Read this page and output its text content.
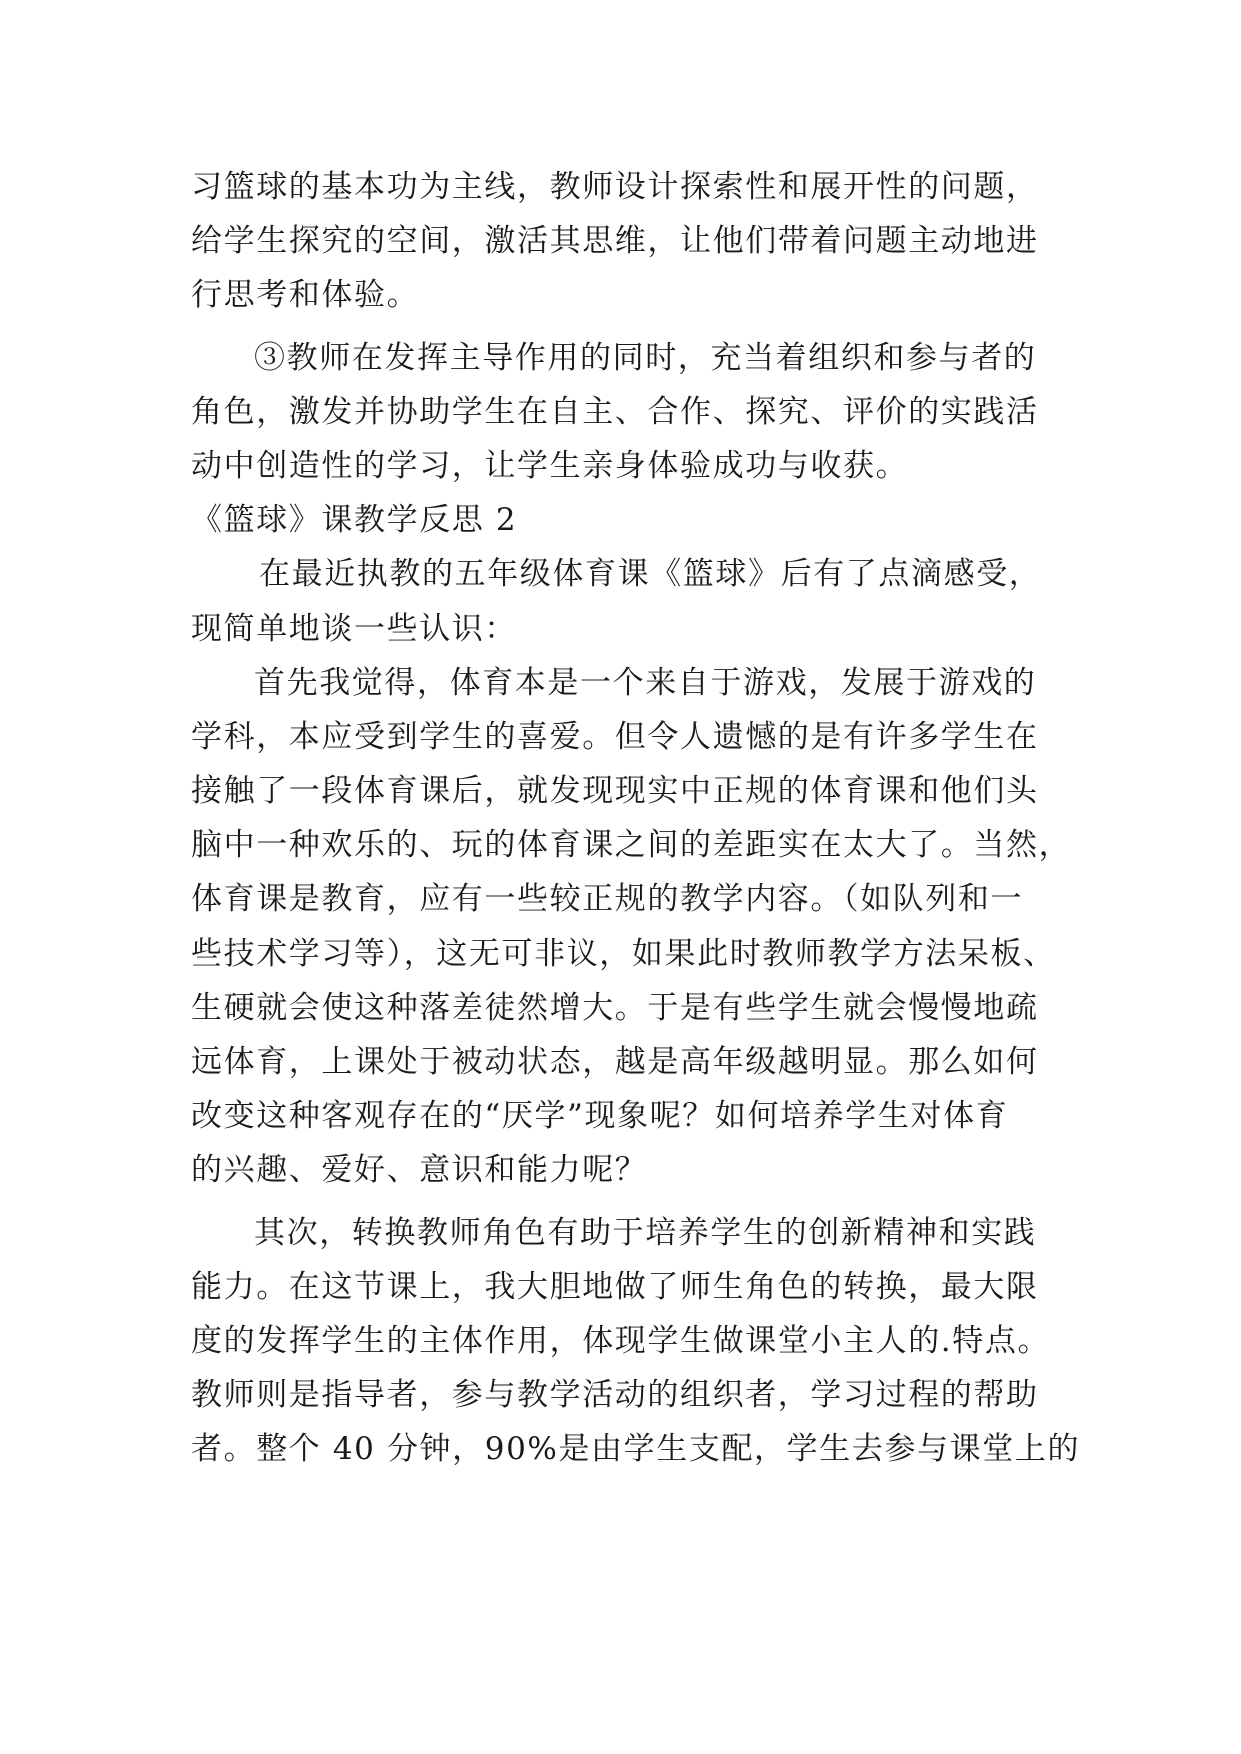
习篮球的基本功为主线，教师设计探索性和展开性的问题，
给学生探究的空间，激活其思维，让他们带着问题主动地进
行思考和体验。
③教师在发挥主导作用的同时，充当着组织和参与者的
角色，激发并协助学生在自主、合作、探究、评价的实践活
动中创造性的学习，让学生亲身体验成功与收获。
《篮球》课教学反思 2
在最近执教的五年级体育课《篮球》后有了点滴感受，
现简单地谈一些认识：
首先我觉得，体育本是一个来自于游戏，发展于游戏的
学科，本应受到学生的喜爱。但令人遗憾的是有许多学生在
接触了一段体育课后，就发现现实中正规的体育课和他们头
脑中一种欢乐的、玩的体育课之间的差距实在太大了。当然，
体育课是教育，应有一些较正规的教学内容。（如队列和一
些技术学习等），这无可非议，如果此时教师教学方法呆板、
生硬就会使这种落差徒然增大。于是有些学生就会慢慢地疏
远体育，上课处于被动状态，越是高年级越明显。那么如何
改变这种客观存在的“厌学”现象呢？如何培养学生对体育
的兴趣、爱好、意识和能力呢？
其次，转换教师角色有助于培养学生的创新精神和实践
能力。在这节课上，我大胆地做了师生角色的转换，最大限
度的发挥学生的主体作用，体现学生做课堂小主人的.特点。
教师则是指导者，参与教学活动的组织者，学习过程的帮助
者。整个 40 分钟，90%是由学生支配，学生去参与课堂上的
